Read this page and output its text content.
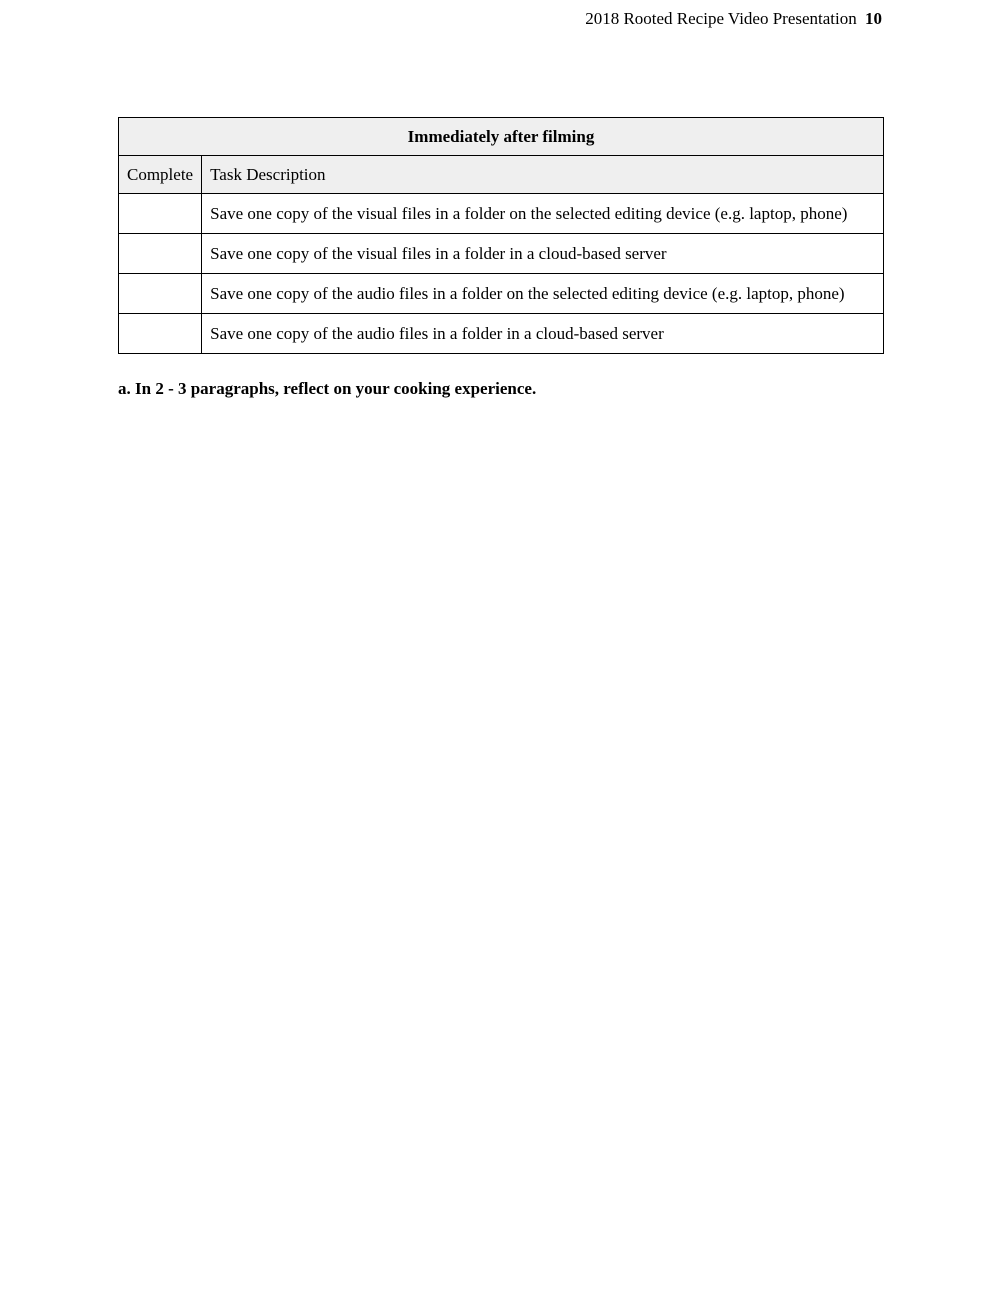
2018 Rooted Recipe Video Presentation 10
Immediately after filming	
Complete	Task Description
	Save one copy of the visual files in a folder on the selected editing device (e.g. laptop, phone)
	Save one copy of the visual files in a folder in a cloud-based server
	Save one copy of the audio files in a folder on the selected editing device (e.g. laptop, phone)
	Save one copy of the audio files in a folder in a cloud-based server
a. In 2 - 3 paragraphs, reflect on your cooking experience.
